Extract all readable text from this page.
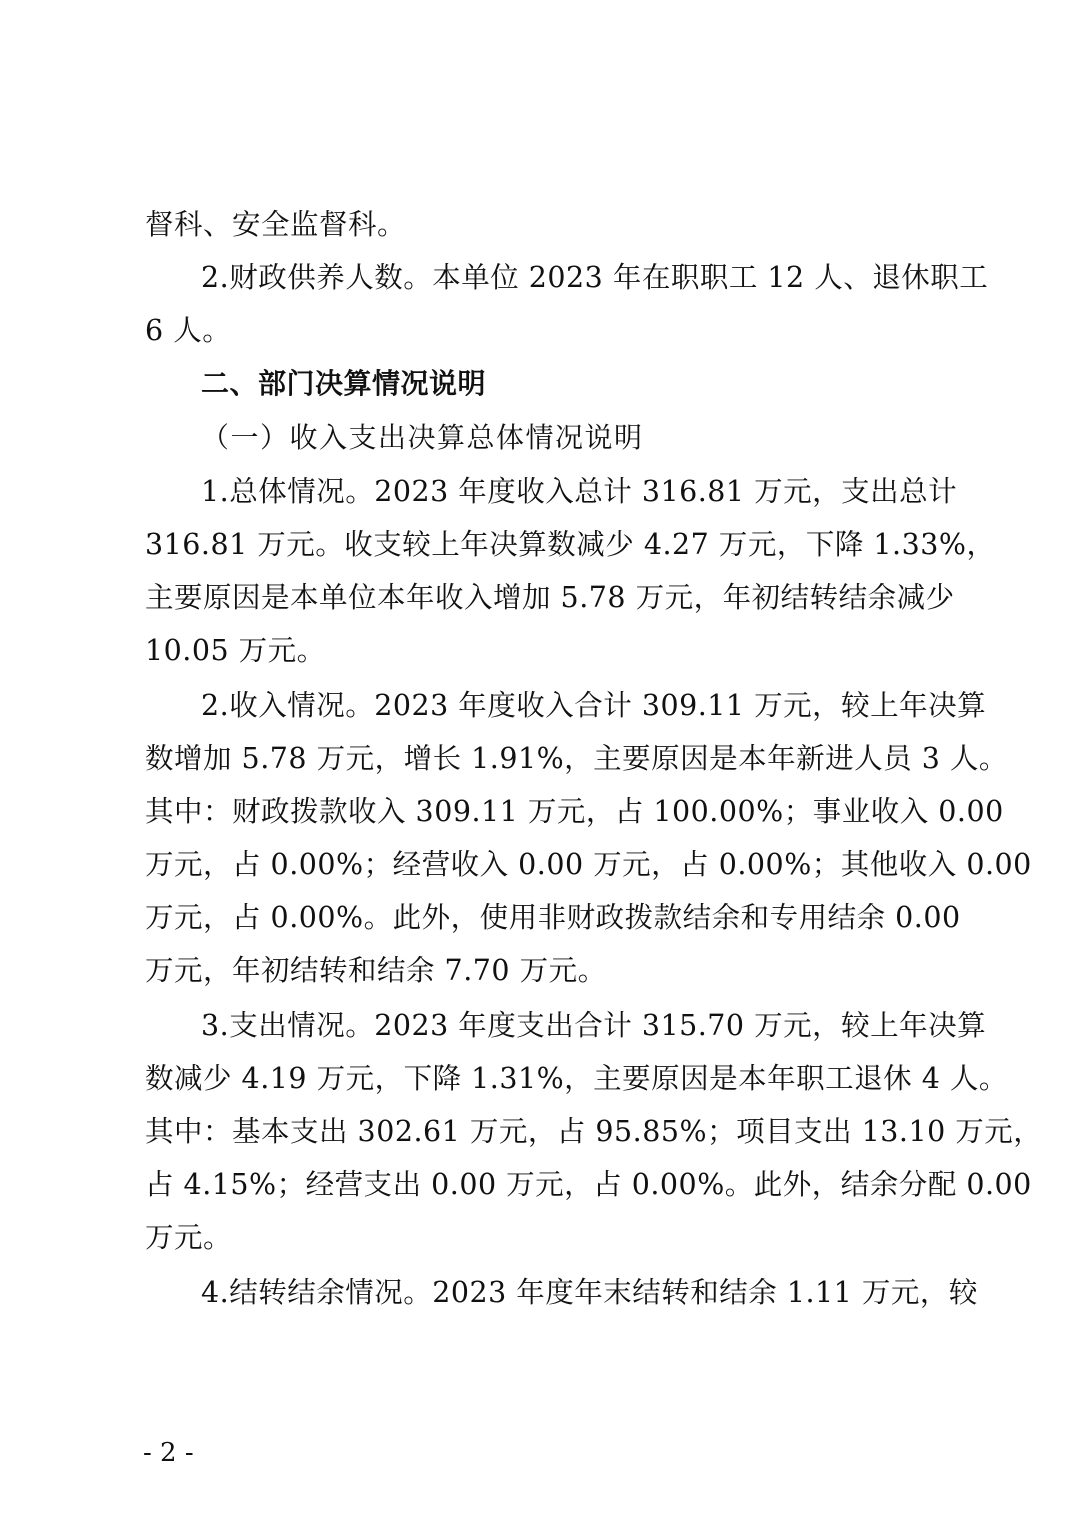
督科、安全监督科。
2.财政供养人数。本单位 2023 年在职职工 12 人、退休职工
6 人。
二、部门决算情况说明
（一）收入支出决算总体情况说明
1.总体情况。2023 年度收入总计 316.81 万元，支出总计
316.81 万元。收支较上年决算数减少 4.27 万元，下降 1.33%，
主要原因是本单位本年收入增加 5.78 万元，年初结转结余减少
10.05 万元。
2.收入情况。2023 年度收入合计 309.11 万元，较上年决算
数增加 5.78 万元，增长 1.91%，主要原因是本年新进人员 3 人。
其中：财政拨款收入 309.11 万元，占 100.00%；事业收入 0.00
万元，占 0.00%；经营收入 0.00 万元，占 0.00%；其他收入 0.00
万元，占 0.00%。此外，使用非财政拨款结余和专用结余 0.00
万元，年初结转和结余 7.70 万元。
3.支出情况。2023 年度支出合计 315.70 万元，较上年决算
数减少 4.19 万元，下降 1.31%，主要原因是本年职工退休 4 人。
其中：基本支出 302.61 万元，占 95.85%；项目支出 13.10 万元，
占 4.15%；经营支出 0.00 万元，占 0.00%。此外，结余分配 0.00
万元。
4.结转结余情况。2023 年度年末结转和结余 1.11 万元，较
- 2 -
